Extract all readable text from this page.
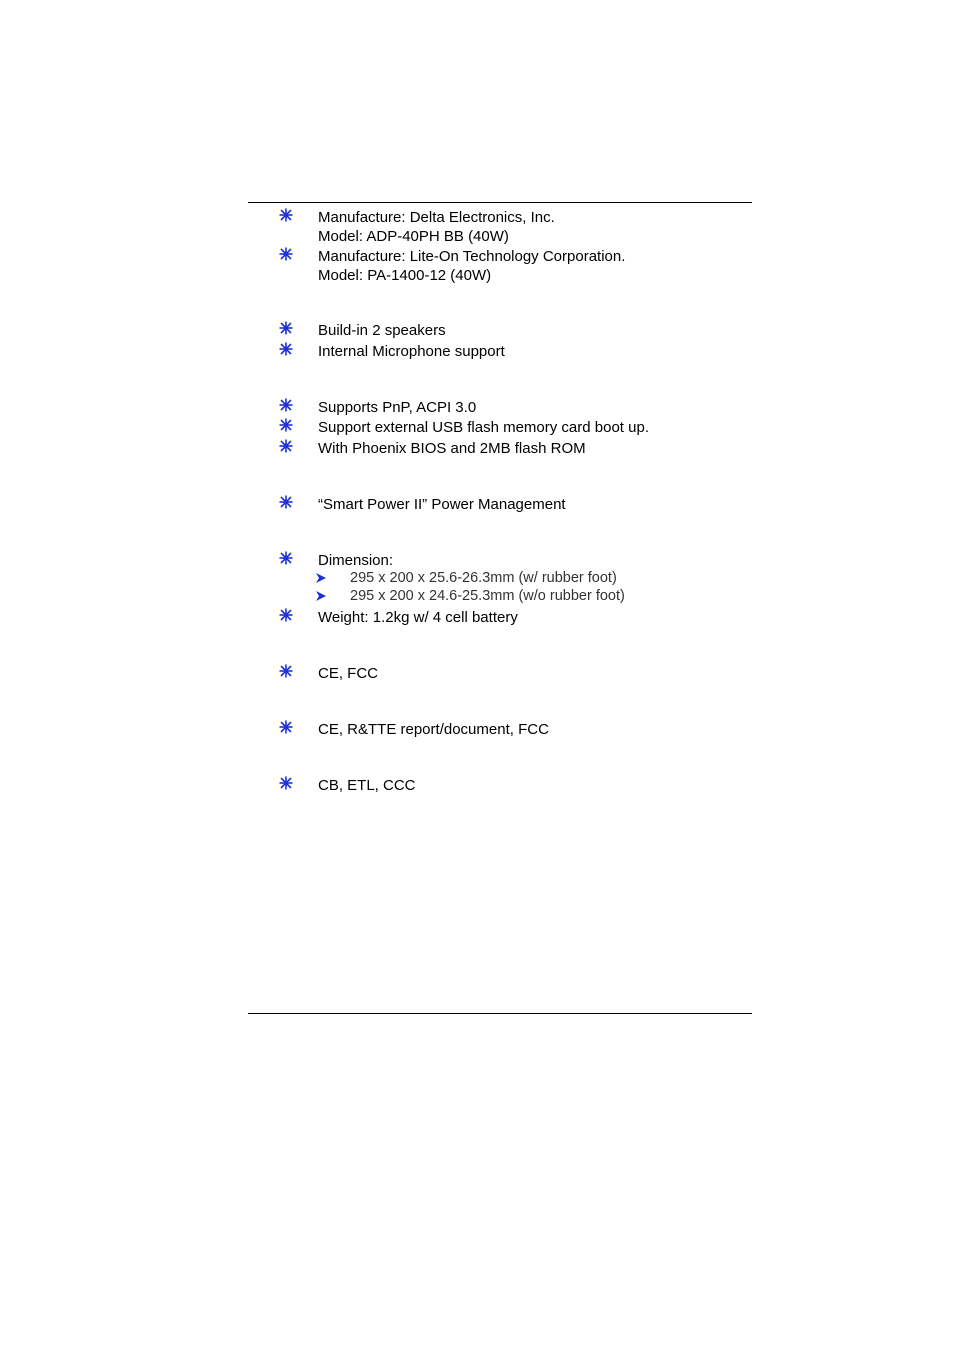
Manufacture: Delta Electronics, Inc.
Model: ADP-40PH BB (40W)
Manufacture: Lite-On Technology Corporation.
Model: PA-1400-12 (40W)
Build-in 2 speakers
Internal Microphone support
Supports PnP, ACPI 3.0
Support external USB flash memory card boot up.
With Phoenix BIOS and 2MB flash ROM
“Smart Power II” Power Management
Dimension:
295 x 200 x 25.6-26.3mm (w/ rubber foot)
295 x 200 x 24.6-25.3mm (w/o rubber foot)
Weight: 1.2kg w/ 4 cell battery
CE, FCC
CE, R&TTE report/document, FCC
CB, ETL, CCC
